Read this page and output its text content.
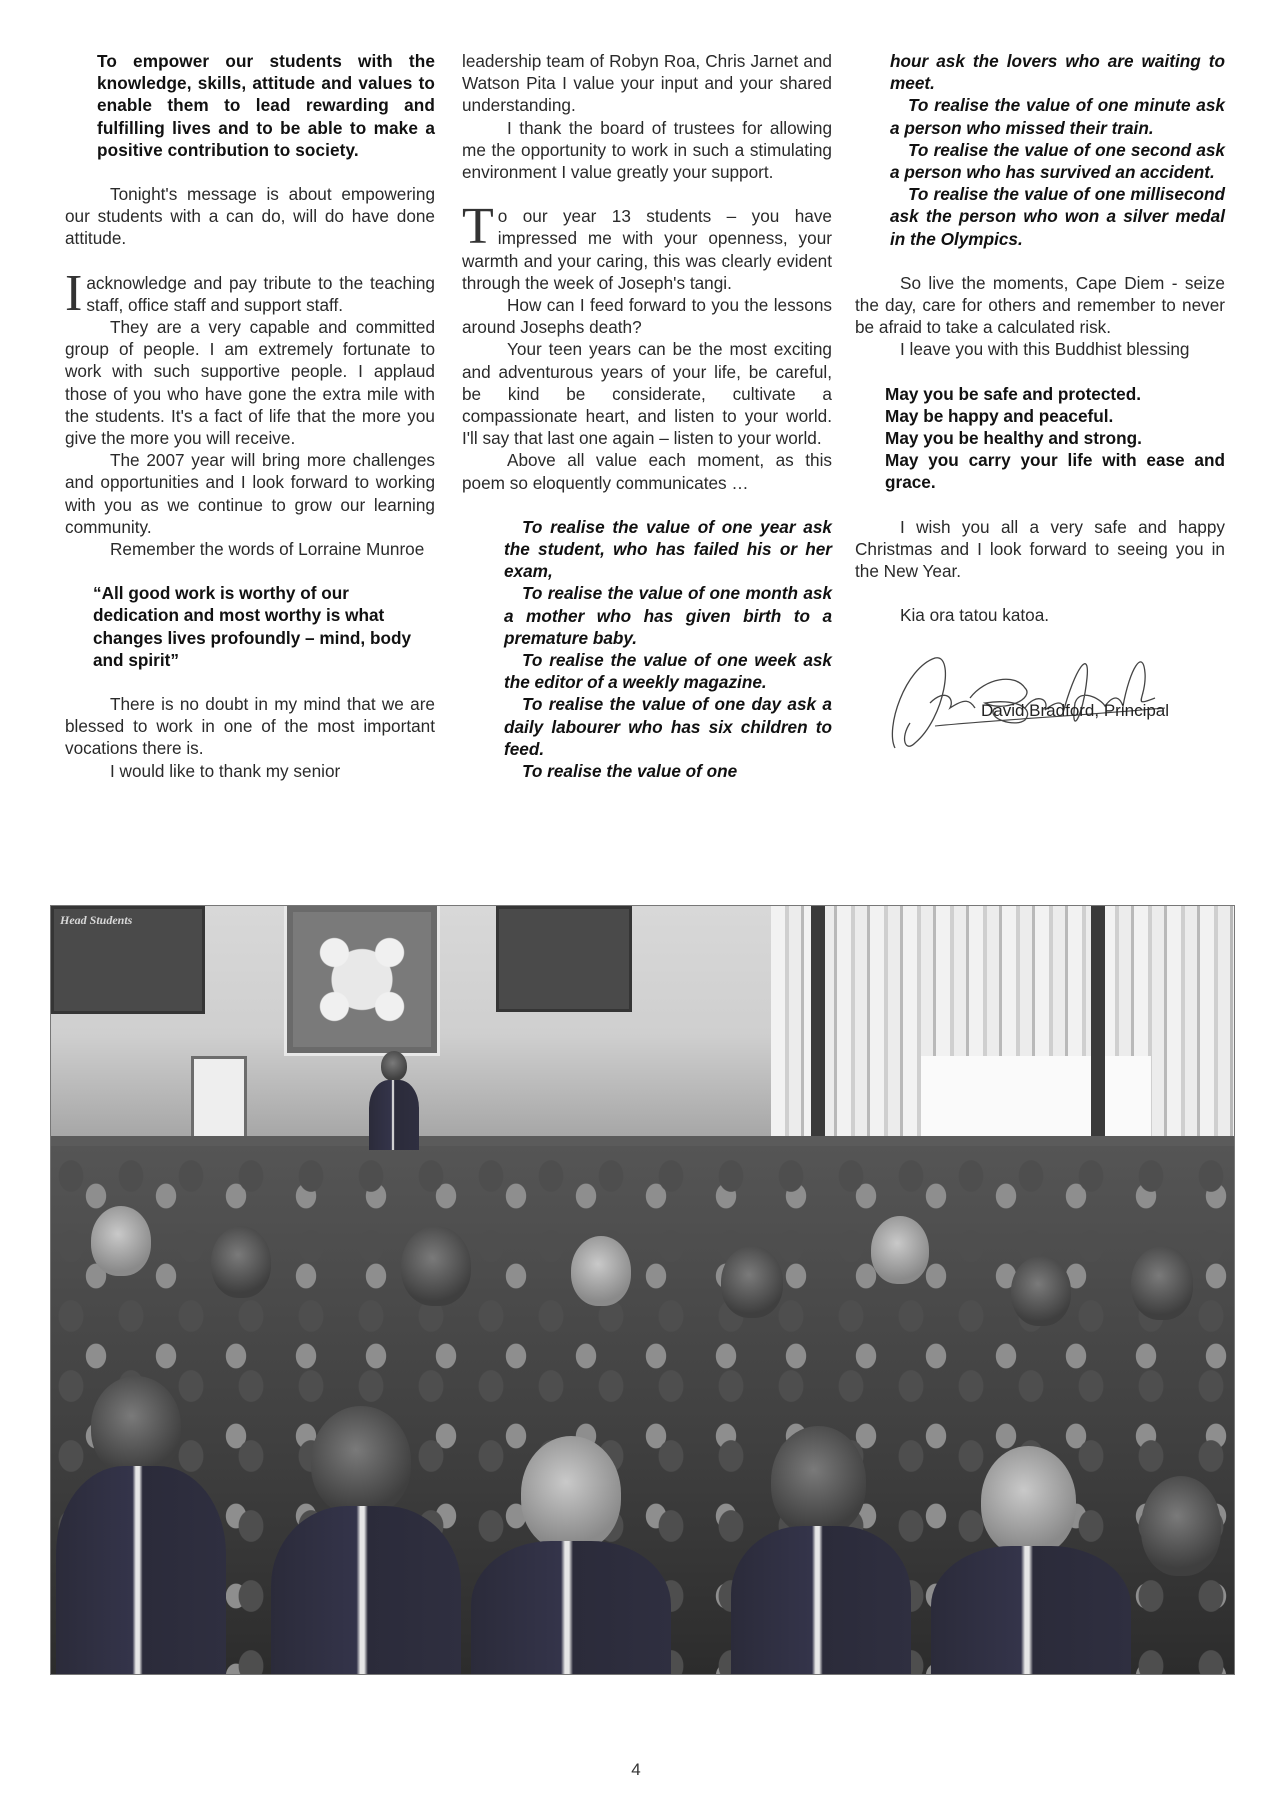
To empower our students with the knowledge, skills, attitude and values to enable them to lead rewarding and fulfilling lives and to be able to make a positive contribution to society.

Tonight's message is about empowering our students with a can do, will do have done attitude.

Iacknowledge and pay tribute to the teaching staff, office staff and support staff.

They are a very capable and committed group of people. I am extremely fortunate to work with such supportive people. I applaud those of you who have gone the extra mile with the students. It's a fact of life that the more you give the more you will receive.

The 2007 year will bring more challenges and opportunities and I look forward to working with you as we continue to grow our learning community.

Remember the words of Lorraine Munroe

“All good work is worthy of our dedication and most worthy is what changes lives profoundly – mind, body and spirit”

There is no doubt in my mind that we are blessed to work in one of the most important vocations there is.

I would like to thank my senior

leadership team of Robyn Roa, Chris Jarnet and Watson Pita I value your input and your shared understanding.

I thank the board of trustees for allowing me the opportunity to work in such a stimulating environment I value greatly your support.

To our year 13 students – you have impressed me with your openness, your warmth and your caring, this was clearly evident through the week of Joseph's tangi.

How can I feed forward to you the lessons around Josephs death?

Your teen years can be the most exciting and adventurous years of your life, be careful, be kind be considerate, cultivate a compassionate heart, and listen to your world. I'll say that last one again – listen to your world.

Above all value each moment, as this poem so eloquently communicates …

To realise the value of one year ask the student, who has failed his or her exam,

To realise the value of one month ask a mother who has given birth to a premature baby.

To realise the value of one week ask the editor of a weekly magazine.

To realise the value of one day ask a daily labourer who has six children to feed.

To realise the value of one

hour ask the lovers who are waiting to meet.

To realise the value of one minute ask a person who missed their train.

To realise the value of one second ask a person who has survived an accident.

To realise the value of one millisecond ask the person who won a silver medal in the Olympics.

So live the moments, Cape Diem - seize the day, care for others and remember to never be afraid to take a calculated risk.

I leave you with this Buddhist blessing

May you be safe and protected.

May be happy and peaceful.

May you be healthy and strong.

May you carry your life with ease and grace.

I wish you all a very safe and happy Christmas and I look forward to seeing you in the New Year.

Kia ora tatou katoa.

David Bradford, Principal
Head Students
4
